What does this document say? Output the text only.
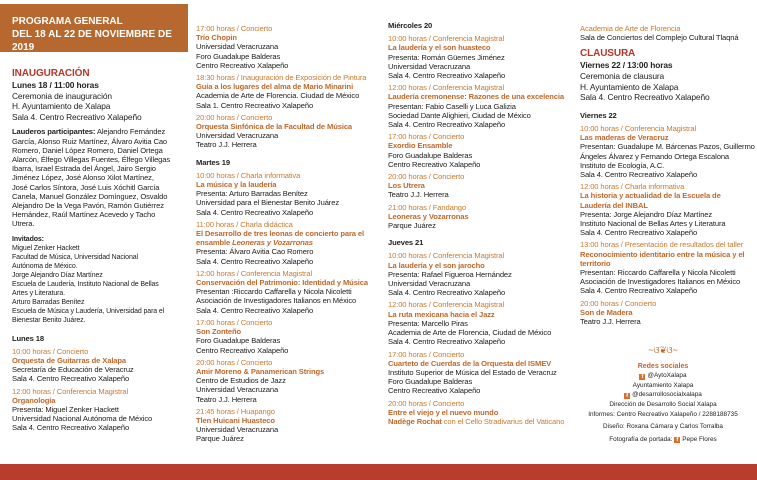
PROGRAMA GENERAL
DEL 18 AL 22 DE NOVIEMBRE DE 2019
INAUGURACIÓN
Lunes 18 / 11:00 horas
Ceremonia de inauguración
H. Ayuntamiento de Xalapa
Sala 4. Centro Recreativo Xalapeño
Lauderos participantes: Alejandro Fernández
García, Alonso Ruiz Martínez, Álvaro Avitia Cao
Romero, Daniel López Romero, Daniel Ortega
Alarcón, Élfego Villegas Fuentes, Élfego Villegas
Ibarra, Israel Estrada del Ángel, Jairo Sergio
Jiménez López, José Alonso Xilot Martínez,
José Carlos Síntora, José Luis Xóchitl García
Canela, Manuel González Domínguez, Osvaldo
Alejandro De la Vega Pavón, Ramón Gutiérrez
Hernández, Raúl Martínez Acevedo y Tacho
Utrera.
Invitados:
Miguel Zenker Hackett
Facultad de Música, Universidad Nacional
Autónoma de México.
Jorge Alejandro Díaz Martínez
Escuela de Laudería, Instituto Nacional de Bellas
Artes y Literatura.
Arturo Barradas Benítez
Escuela de Música y Laudería, Universidad para el
Bienestar Benito Juárez.
Lunes 18
10:00 horas / Concierto
Orquesta de Guitarras de Xalapa
Secretaría de Educación de Veracruz
Sala 4. Centro Recreativo Xalapeño
12:00 horas / Conferencia Magistral
Organología
Presenta: Miguel Zenker Hackett
Universidad Nacional Autónoma de México
Sala 4. Centro Recreativo Xalapeño
17:00 horas / Concierto
Trío Chopin
Universidad Veracruzana
Foro Guadalupe Balderas
Centro Recreativo Xalapeño
18:30 horas / Inauguración de Exposición de Pintura
Guía a los lugares del alma de Mario Minarini
Academia de Arte de Florencia. Ciudad de México
Sala 1. Centro Recreativo Xalapeño
20:00 horas / Concierto
Orquesta Sinfónica de la Facultad de Música
Universidad Veracruzana
Teatro J.J. Herrera
Martes 19
10:00 horas / Charla informativa
La música y la laudería
Presenta: Arturo Barradas Benítez
Universidad para el Bienestar Benito Juárez
Sala 4. Centro Recreativo Xalapeño
11:00 horas / Charla didáctica
El Desarrollo de tres leonas de concierto para el
ensamble Leoneras y Vozarronas
Presenta: Álvaro Avitia Cao Romero
Sala 4. Centro Recreativo Xalapeño
12:00 horas / Conferencia Magistral
Conservación del Patrimonio: Identidad y Música
Presentan :Riccardo Caffarella y Nicola Nicoletti
Asociación de Investigadores Italianos en México
Sala 4. Centro Recreativo Xalapeño
17:00 horas / Concierto
Son Zonteño
Foro Guadalupe Balderas
Centro Recreativo Xalapeño
20:00 horas / Concierto
Amir Moreno & Panamerican Strings
Centro de Estudios de Jazz
Universidad Veracruzana
Teatro J.J. Herrera
21:45 horas / Huapango
Tlen Huicani Huasteco
Universidad Veracruzana
Parque Juárez
Miércoles 20
10:00 horas / Conferencia Magistral
La laudería y el son huasteco
Presenta: Román Güemes Jiménez
Universidad Veracruzana
Sala 4. Centro Recreativo Xalapeño
12:00 horas / Conferencia Magistral
Laudería cremonense: Razones de una excelencia
Presentan: Fabio Caselli y Luca Galizia
Sociedad Dante Alighieri, Ciudad de México
Sala 4. Centro Recreativo Xalapeño
17:00 horas / Concierto
Exordio Ensamble
Foro Guadalupe Balderas
Centro Recreativo Xalapeño
20:00 horas / Concierto
Los Utrera
Teatro J.J. Herrera
21:00 horas / Fandango
Leoneras y Vozarronas
Parque Juárez
Jueves 21
10:00 horas / Conferencia Magistral
La laudería y el son jarocho
Presenta: Rafael Figueroa Hernández
Universidad Veracruzana
Sala 4. Centro Recreativo Xalapeño
12:00 horas / Conferencia Magistral
La ruta mexicana hacia el Jazz
Presenta: Marcello Piras
Academia de Arte de Florencia, Ciudad de México
Sala 4. Centro Recreativo Xalapeño
17:00 horas / Concierto
Cuarteto de Cuerdas de la Orquesta del ISMEV
Instituto Superior de Música del Estado de Veracruz
Foro Guadalupe Balderas
Centro Recreativo Xalapeño
20:00 horas / Concierto
Entre el viejo y el nuevo mundo
Nadège Rochat con el Cello Stradivarius del Vaticano
Academia de Arte de Florencia
Sala de Conciertos del Complejo Cultural Tlaqná
CLAUSURA
Viernes 22 / 13:00 horas
Ceremonia de clausura
H. Ayuntamiento de Xalapa
Sala 4. Centro Recreativo Xalapeño
Viernes 22
10:00 horas / Conferencia Magistral
Las maderas de Veracruz
Presentan: Guadalupe M. Bárcenas Pazos, Guillermo
Ángeles Álvarez y Fernando Ortega Escalona
Instituto de Ecología, A.C.
Sala 4. Centro Recreativo Xalapeño
12:00 horas / Charla informativa
La historia y actualidad de la Escuela de
Laudería del INBAL
Presenta: Jorge Alejandro Díaz Martínez
Instituto Nacional de Bellas Artes y Literatura
Sala 4. Centro Recreativo Xalapeño
13:00 horas / Presentación de resultados del taller
Reconocimiento identitario entre la música y el
territorio
Presentan: Riccardo Caffarella y Nicola Nicoletti
Asociación de Investigadores Italianos en México
Sala 4. Centro Recreativo Xalapeño
20:00 horas / Concierto
Son de Madera
Teatro J.J. Herrera
~ଓ❦ଓ~
Redes sociales
f @AytoXalapa
Ayuntamiento Xalapa
f @desarrollosocialxalapa
Dirección de Desarrollo Social Xalapa
Informes: Centro Recreativo Xalapeño / 2288188735
Diseño: Roxana Cámara y Carlos Torralba
Fotografía de portada: f Pepe Flores
